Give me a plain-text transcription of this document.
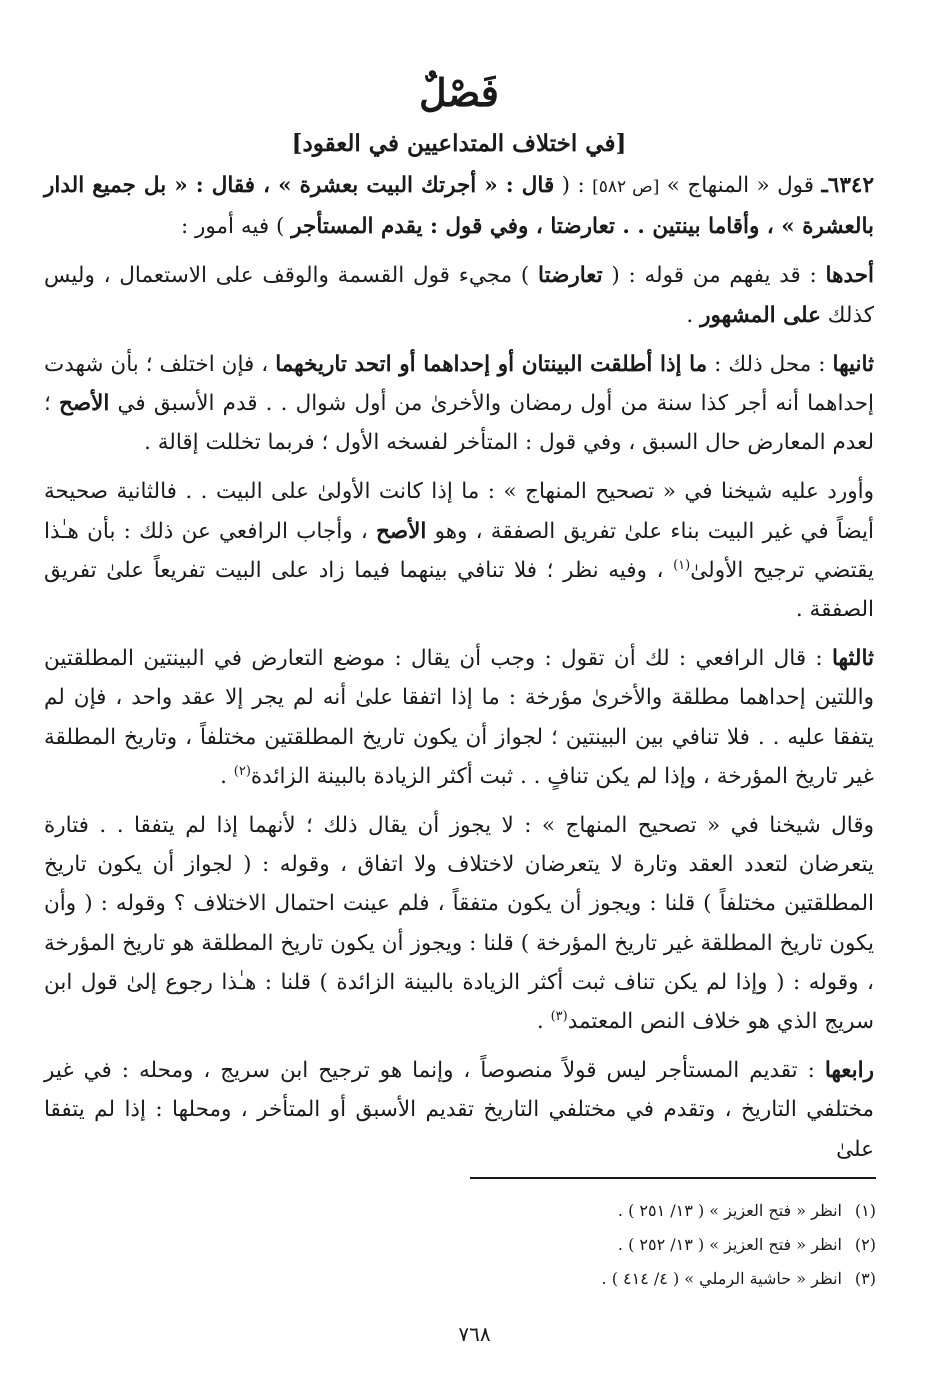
فَصْلٌ
[في اختلاف المتداعيين في العقود]

٦٣٤٢ـ قول « المنهاج » [ص ٥٨٢] : ( قال : « أجرتك البيت بعشرة » ، فقال : « بل جميع الدار بالعشرة » ، وأقاما بينتين . . تعارضتا ، وفي قول : يقدم المستأجر ) فيه أمور :

أحدها : قد يفهم من قوله : ( تعارضتا ) مجيء قول القسمة والوقف على الاستعمال ، وليس كذلك على المشهور .

ثانيها : محل ذلك : ما إذا أطلقت البينتان أو إحداهما أو اتحد تاريخهما ، فإن اختلف ؛ بأن شهدت إحداهما أنه أجر كذا سنة من أول رمضان والأخرىٰ من أول شوال . . قدم الأسبق في الأصح ؛ لعدم المعارض حال السبق ، وفي قول : المتأخر لفسخه الأول ؛ فربما تخللت إقالة .

وأورد عليه شيخنا في « تصحيح المنهاج » : ما إذا كانت الأولىٰ على البيت . . فالثانية صحيحة أيضاً في غير البيت بناء علىٰ تفريق الصفقة ، وهو الأصح ، وأجاب الرافعي عن ذلك : بأن هـٰذا يقتضي ترجيح الأولىٰ$^{(١)}$ ، وفيه نظر ؛ فلا تنافي بينهما فيما زاد على البيت تفريعاً علىٰ تفريق الصفقة .

ثالثها : قال الرافعي : لك أن تقول : وجب أن يقال : موضع التعارض في البينتين المطلقتين واللتين إحداهما مطلقة والأخرىٰ مؤرخة : ما إذا اتفقا علىٰ أنه لم يجر إلا عقد واحد ، فإن لم يتفقا عليه . . فلا تنافي بين البينتين ؛ لجواز أن يكون تاريخ المطلقتين مختلفاً ، وتاريخ المطلقة غير تاريخ المؤرخة ، وإذا لم يكن تنافٍ . . ثبت أكثر الزيادة بالبينة الزائدة$^{(٢)}$ .

وقال شيخنا في « تصحيح المنهاج » : لا يجوز أن يقال ذلك ؛ لأنهما إذا لم يتفقا . . فتارة يتعرضان لتعدد العقد وتارة لا يتعرضان لاختلاف ولا اتفاق ، وقوله : ( لجواز أن يكون تاريخ المطلقتين مختلفاً ) قلنا : ويجوز أن يكون متفقاً ، فلم عينت احتمال الاختلاف ؟ وقوله : ( وأن يكون تاريخ المطلقة غير تاريخ المؤرخة ) قلنا : ويجوز أن يكون تاريخ المطلقة هو تاريخ المؤرخة ، وقوله : ( وإذا لم يكن تناف ثبت أكثر الزيادة بالبينة الزائدة ) قلنا : هـٰذا رجوع إلىٰ قول ابن سريج الذي هو خلاف النص المعتمد$^{(٣)}$ .

رابعها : تقديم المستأجر ليس قولاً منصوصاً ، وإنما هو ترجيح ابن سريج ، ومحله : في غير مختلفي التاريخ ، وتقدم في مختلفي التاريخ تقديم الأسبق أو المتأخر ، ومحلها : إذا لم يتفقا علىٰ

(١)
انظر « فتح العزيز » ( ١٣/ ٢٥١ ) .
(٢)
انظر « فتح العزيز » ( ١٣/ ٢٥٢ ) .
(٣)
انظر « حاشية الرملي » ( ٤/ ٤١٤ ) .
٧٦٨
